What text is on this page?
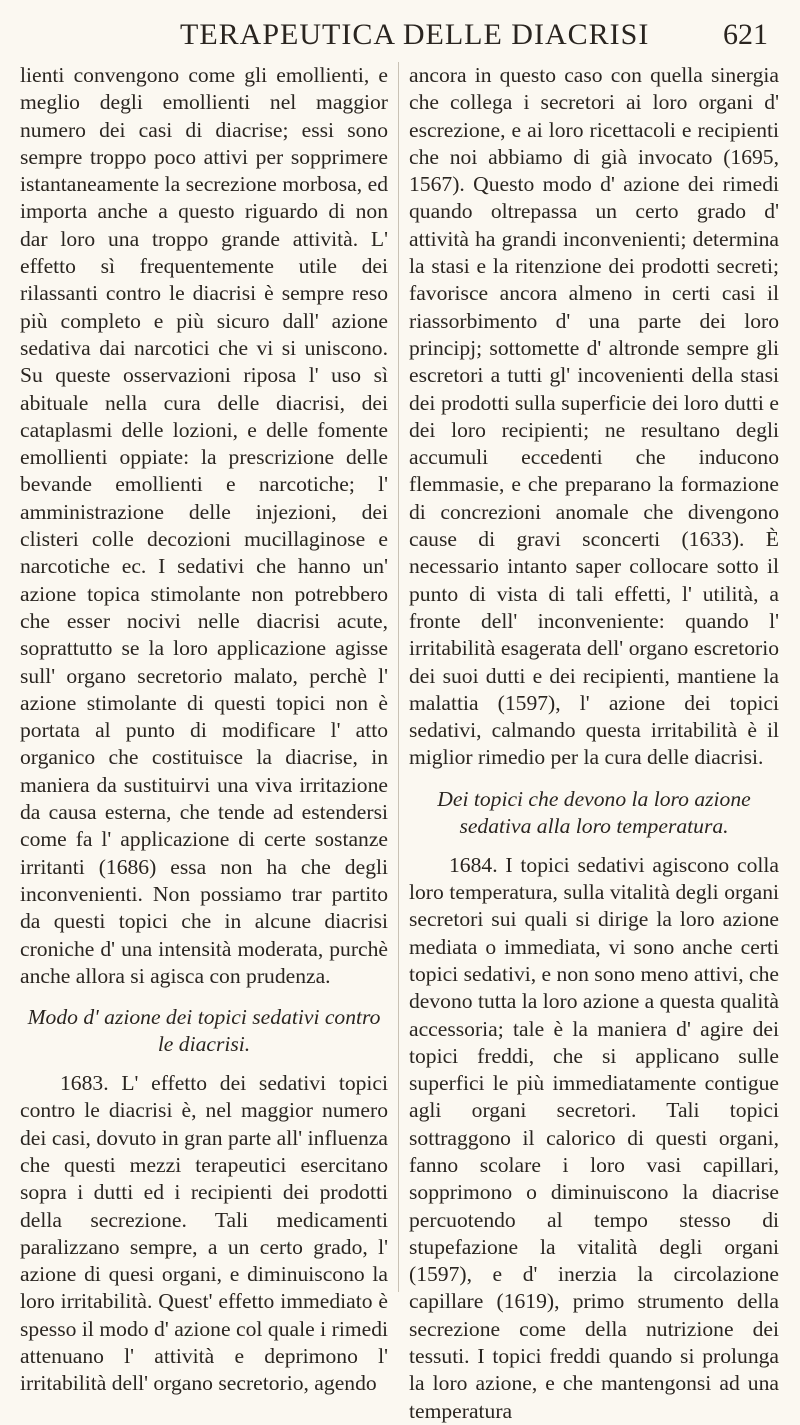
TERAPEUTICA DELLE DIACRISI 621

lienti convengono come gli emollienti, e meglio degli emollienti nel maggior numero dei casi di diacrise; essi sono sempre troppo poco attivi per sopprimere istantaneamente la secrezione morbosa, ed importa anche a questo riguardo di non dar loro una troppo grande attività. L' effetto sì frequentemente utile dei rilassanti contro le diacrisi è sempre reso più completo e più sicuro dall' azione sedativa dai narcotici che vi si uniscono. Su queste osservazioni riposa l' uso sì abituale nella cura delle diacrisi, dei cataplasmi delle lozioni, e delle fomente emollienti oppiate: la prescrizione delle bevande emollienti e narcotiche; l' amministrazione delle injezioni, dei clisteri colle decozioni mucillaginose e narcotiche ec. I sedativi che hanno un' azione topica stimolante non potrebbero che esser nocivi nelle diacrisi acute, soprattutto se la loro applicazione agisse sull' organo secretorio malato, perchè l' azione stimolante di questi topici non è portata al punto di modificare l' atto organico che costituisce la diacrise, in maniera da sustituirvi una viva irritazione da causa esterna, che tende ad estendersi come fa l' applicazione di certe sostanze irritanti (1686) essa non ha che degli inconvenienti. Non possiamo trar partito da questi topici che in alcune diacrisi croniche d' una intensità moderata, purchè anche allora si agisca con prudenza.

Modo d' azione dei topici sedativi contro le diacrisi.

1683. L' effetto dei sedativi topici contro le diacrisi è, nel maggior numero dei casi, dovuto in gran parte all' influenza che questi mezzi terapeutici esercitano sopra i dutti ed i recipienti dei prodotti della secrezione. Tali medicamenti paralizzano sempre, a un certo grado, l' azione di quesi organi, e diminuiscono la loro irritabilità. Quest' effetto immediato è spesso il modo d' azione col quale i rimedi attenuano l' attività e deprimono l' irritabilità dell' organo secretorio, agendo

ancora in questo caso con quella sinergia che collega i secretori ai loro organi d' escrezione, e ai loro ricettacoli e recipienti che noi abbiamo di già invocato (1695, 1567). Questo modo d' azione dei rimedi quando oltrepassa un certo grado d' attività ha grandi inconvenienti; determina la stasi e la ritenzione dei prodotti secreti; favorisce ancora almeno in certi casi il riassorbimento d' una parte dei loro principj; sottomette d' altronde sempre gli escretori a tutti gl' incovenienti della stasi dei prodotti sulla superficie dei loro dutti e dei loro recipienti; ne resultano degli accumuli eccedenti che inducono flemmasie, e che preparano la formazione di concrezioni anomale che divengono cause di gravi sconcerti (1633). È necessario intanto saper collocare sotto il punto di vista di tali effetti, l' utilità, a fronte dell' inconveniente: quando l' irritabilità esagerata dell' organo escretorio dei suoi dutti e dei recipienti, mantiene la malattia (1597), l' azione dei topici sedativi, calmando questa irritabilità è il miglior rimedio per la cura delle diacrisi.

Dei topici che devono la loro azione sedativa alla loro temperatura.

1684. I topici sedativi agiscono colla loro temperatura, sulla vitalità degli organi secretori sui quali si dirige la loro azione mediata o immediata, vi sono anche certi topici sedativi, e non sono meno attivi, che devono tutta la loro azione a questa qualità accessoria; tale è la maniera d' agire dei topici freddi, che si applicano sulle superfici le più immediatamente contigue agli organi secretori. Tali topici sottraggono il calorico di questi organi, fanno scolare i loro vasi capillari, sopprimono o diminuiscono la diacrise percuotendo al tempo stesso di stupefazione la vitalità degli organi (1597), e d' inerzia la circolazione capillare (1619), primo strumento della secrezione come della nutrizione dei tessuti. I topici freddi quando si prolunga la loro azione, e che mantengonsi ad una temperatura
